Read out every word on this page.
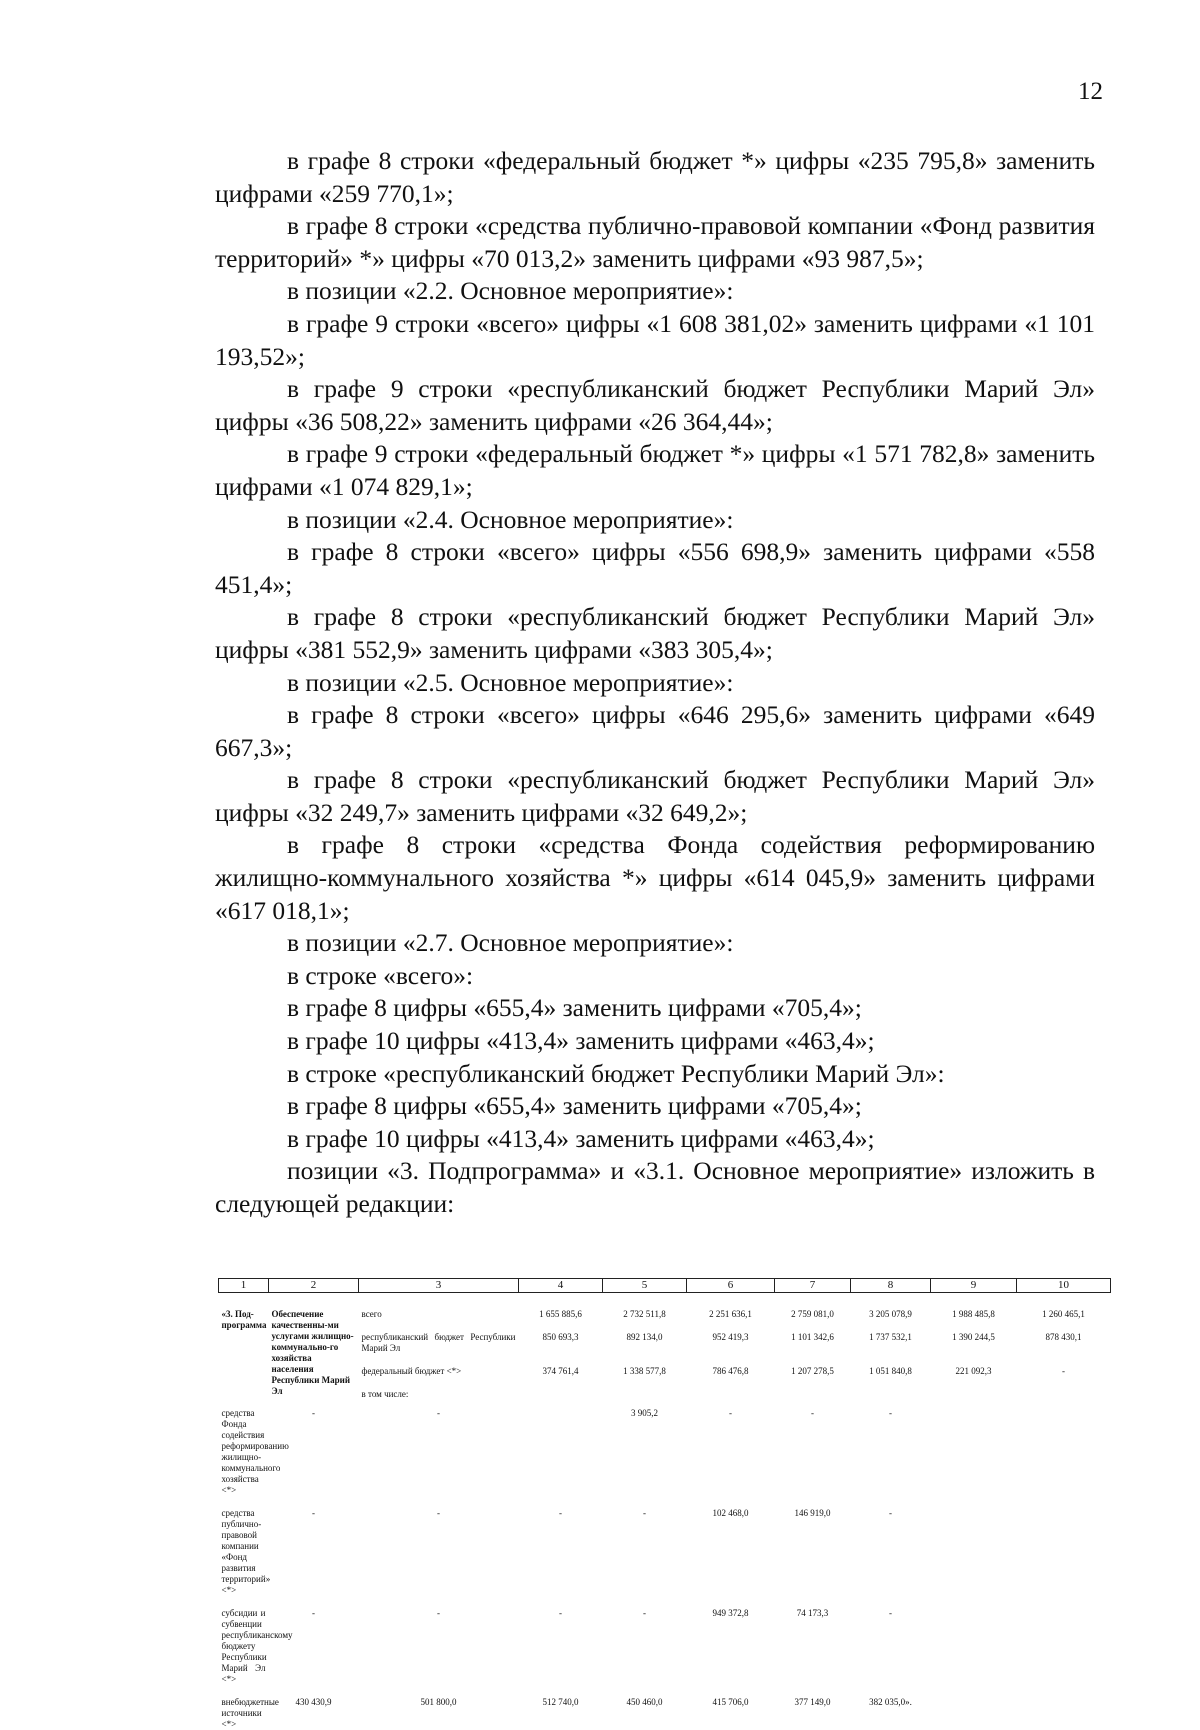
12
в графе 8 строки «федеральный бюджет *» цифры «235 795,8» заменить цифрами «259 770,1»;
в графе 8 строки «средства публично-правовой компании «Фонд развития территорий» *» цифры «70 013,2» заменить цифрами «93 987,5»;
в позиции «2.2. Основное мероприятие»:
в графе 9 строки «всего» цифры «1 608 381,02» заменить цифрами «1 101 193,52»;
в графе 9 строки «республиканский бюджет Республики Марий Эл» цифры «36 508,22» заменить цифрами «26 364,44»;
в графе 9 строки «федеральный бюджет *» цифры «1 571 782,8» заменить цифрами «1 074 829,1»;
в позиции «2.4. Основное мероприятие»:
в графе 8 строки «всего» цифры «556 698,9» заменить цифрами «558 451,4»;
в графе 8 строки «республиканский бюджет Республики Марий Эл» цифры «381 552,9» заменить цифрами «383 305,4»;
в позиции «2.5. Основное мероприятие»:
в графе 8 строки «всего» цифры «646 295,6» заменить цифрами «649 667,3»;
в графе 8 строки «республиканский бюджет Республики Марий Эл» цифры «32 249,7» заменить цифрами «32 649,2»;
в графе 8 строки «средства Фонда содействия реформированию жилищно-коммунального хозяйства *» цифры «614 045,9» заменить цифрами «617 018,1»;
в позиции «2.7. Основное мероприятие»:
в строке «всего»:
в графе 8 цифры «655,4» заменить цифрами «705,4»;
в графе 10 цифры «413,4» заменить цифрами «463,4»;
в строке «республиканский бюджет Республики Марий Эл»:
в графе 8 цифры «655,4» заменить цифрами «705,4»;
в графе 10 цифры «413,4» заменить цифрами «463,4»;
позиции «3. Подпрограмма» и «3.1. Основное мероприятие» изложить в следующей редакции:
1	2	3	4	5	6	7	8	9	10

«3. Под-программа	Обеспечение качественны-ми услугами жилищно-коммунально-го хозяйства населения Республики Марий Эл	всего	1 655 885,6	2 732 511,8	2 251 636,1	2 759 081,0	3 205 078,9	1 988 485,8	1 260 465,1

		республиканский бюджет Республики Марий Эл	850 693,3	892 134,0	952 419,3	1 101 342,6	1 737 532,1	1 390 244,5	878 430,1

		федеральный бюджет <*>	374 761,4	1 338 577,8	786 476,8	1 207 278,5	1 051 840,8	221 092,3	-

		в том числе:							

средства Фонда содействия реформированию жилищно-коммунального хозяйства <*>	-	-		3 905,2	-	-	-		

средства публично-правовой компании «Фонд развития территорий» <*>	-	-	-	-	102 468,0	146 919,0	-		

субсидии и субвенции республиканскому бюджету Республики Марий Эл <*>	-	-	-	-	949 372,8	74 173,3	-		

внебюджетные источники <*>	430 430,9	501 800,0	512 740,0	450 460,0	415 706,0	377 149,0	382 035,0».		
